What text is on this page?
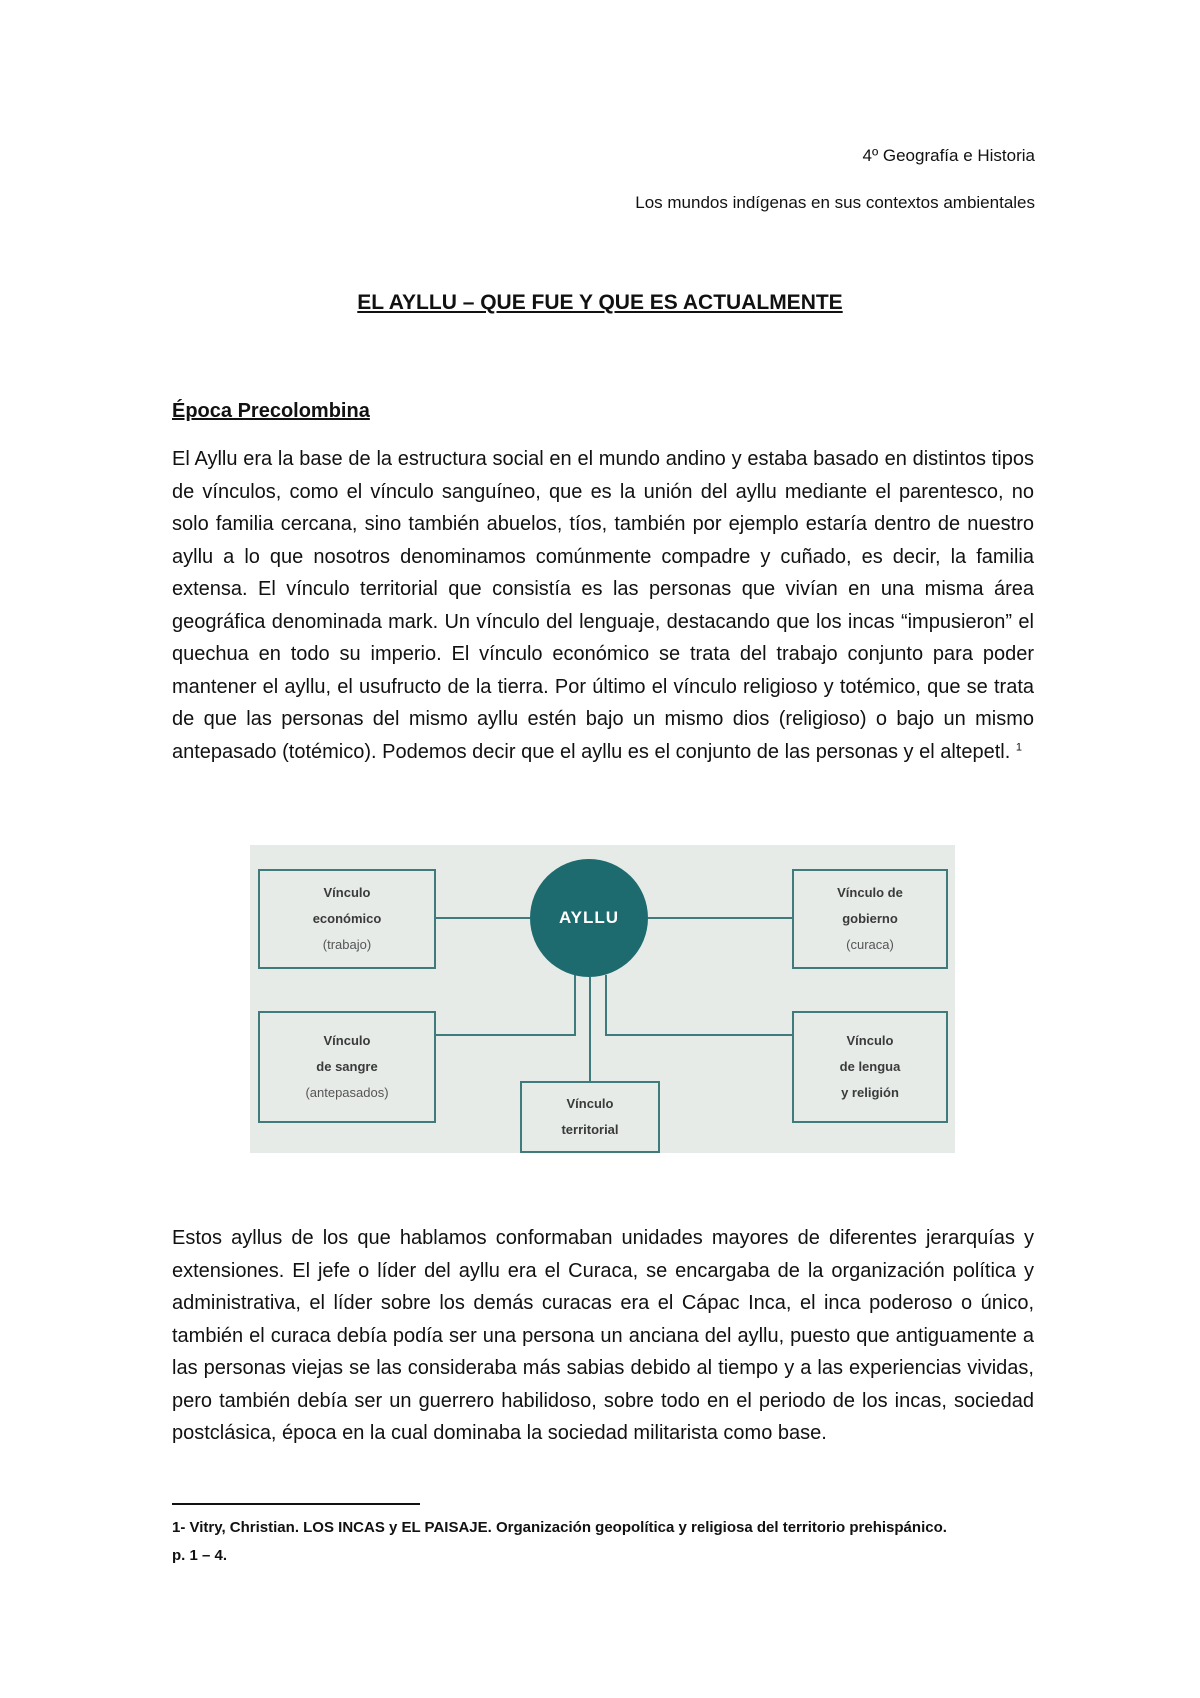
4º Geografía e Historia
Los mundos indígenas en sus contextos ambientales
EL AYLLU – QUE FUE Y QUE ES ACTUALMENTE
Época Precolombina

El Ayllu era la base de la estructura social en el mundo andino y estaba basado en distintos tipos de vínculos, como el vínculo sanguíneo, que es la unión del ayllu mediante el parentesco, no solo familia cercana, sino también abuelos, tíos, también por ejemplo estaría dentro de nuestro ayllu a lo que nosotros denominamos comúnmente compadre y cuñado, es decir, la familia extensa. El vínculo territorial que consistía es las personas que vivían en una misma área geográfica denominada mark. Un vínculo del lenguaje, destacando que los incas “impusieron” el quechua en todo su imperio. El vínculo económico se trata del trabajo conjunto para poder mantener el ayllu, el usufructo de la tierra. Por último el vínculo religioso y totémico, que se trata de que las personas del mismo ayllu estén bajo un mismo dios (religioso) o bajo un mismo antepasado (totémico). Podemos decir que el ayllu es el conjunto de las personas y el altepetl. $^1$

AYLLU
Vínculo
económico
(trabajo)
Vínculo de
gobierno
(curaca)
Vínculo
de sangre
(antepasados)
Vínculo
territorial
Vínculo
de lengua
y religión

Estos ayllus de los que hablamos conformaban unidades mayores de diferentes jerarquías y extensiones. El jefe o líder del ayllu era el Curaca, se encargaba de la organización política y administrativa, el líder sobre los demás curacas era el Cápac Inca, el inca poderoso o único, también el curaca debía podía ser una persona un anciana del ayllu, puesto que antiguamente a las personas viejas se las consideraba más sabias debido al tiempo y a las experiencias vividas, pero también debía ser un guerrero habilidoso, sobre todo en el periodo de los incas, sociedad postclásica, época en la cual dominaba la sociedad militarista como base.

1- Vitry, Christian. LOS INCAS y EL PAISAJE. Organización geopolítica y religiosa del territorio prehispánico. p. 1 – 4.
